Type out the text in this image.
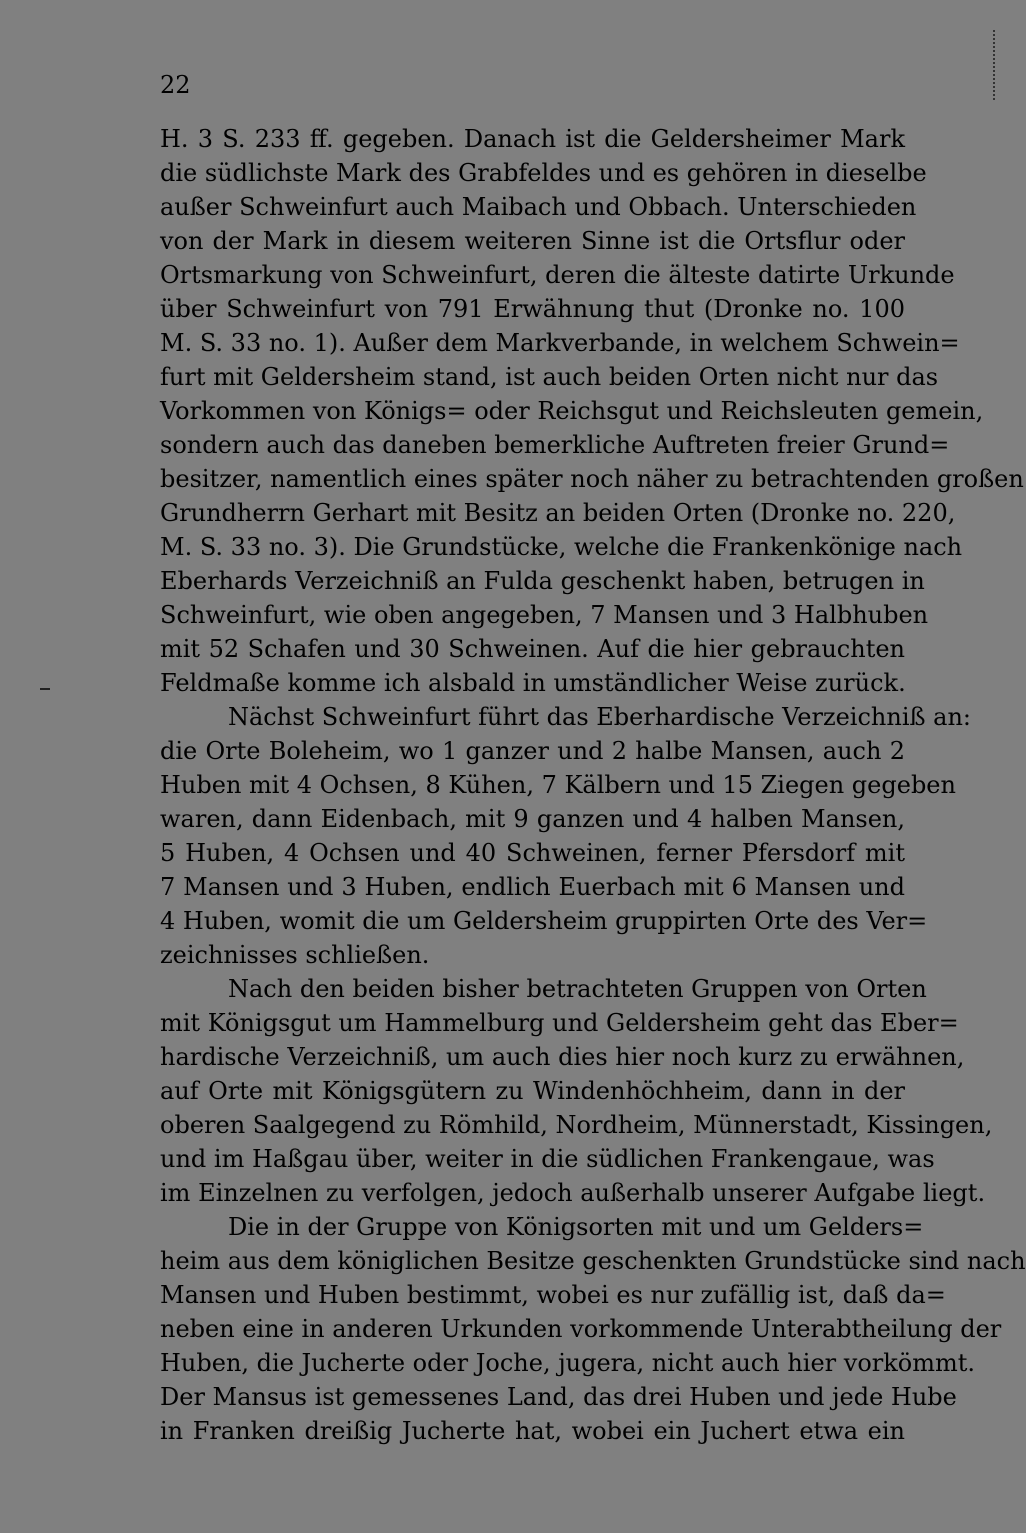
22
H. 3 S. 233 ff. gegeben. Danach ist die Geldersheimer Mark
die südlichste Mark des Grabfeldes und es gehören in dieselbe
außer Schweinfurt auch Maibach und Obbach. Unterschieden
von der Mark in diesem weiteren Sinne ist die Ortsflur oder
Ortsmarkung von Schweinfurt, deren die älteste datirte Urkunde
über Schweinfurt von 791 Erwähnung thut (Dronke no. 100
M. S. 33 no. 1). Außer dem Markverbande, in welchem Schwein=
furt mit Geldersheim stand, ist auch beiden Orten nicht nur das
Vorkommen von Königs= oder Reichsgut und Reichsleuten gemein,
sondern auch das daneben bemerkliche Auftreten freier Grund=
besitzer, namentlich eines später noch näher zu betrachtenden großen
Grundherrn Gerhart mit Besitz an beiden Orten (Dronke no. 220,
M. S. 33 no. 3). Die Grundstücke, welche die Frankenkönige nach
Eberhards Verzeichniß an Fulda geschenkt haben, betrugen in
Schweinfurt, wie oben angegeben, 7 Mansen und 3 Halbhuben
mit 52 Schafen und 30 Schweinen. Auf die hier gebrauchten
Feldmaße komme ich alsbald in umständlicher Weise zurück.
Nächst Schweinfurt führt das Eberhardische Verzeichniß an:
die Orte Boleheim, wo 1 ganzer und 2 halbe Mansen, auch 2
Huben mit 4 Ochsen, 8 Kühen, 7 Kälbern und 15 Ziegen gegeben
waren, dann Eidenbach, mit 9 ganzen und 4 halben Mansen,
5 Huben, 4 Ochsen und 40 Schweinen, ferner Pfersdorf mit
7 Mansen und 3 Huben, endlich Euerbach mit 6 Mansen und
4 Huben, womit die um Geldersheim gruppirten Orte des Ver=
zeichnisses schließen.
Nach den beiden bisher betrachteten Gruppen von Orten
mit Königsgut um Hammelburg und Geldersheim geht das Eber=
hardische Verzeichniß, um auch dies hier noch kurz zu erwähnen,
auf Orte mit Königsgütern zu Windenhöchheim, dann in der
oberen Saalgegend zu Römhild, Nordheim, Münnerstadt, Kissingen,
und im Haßgau über, weiter in die südlichen Frankengaue, was
im Einzelnen zu verfolgen, jedoch außerhalb unserer Aufgabe liegt.
Die in der Gruppe von Königsorten mit und um Gelders=
heim aus dem königlichen Besitze geschenkten Grundstücke sind nach
Mansen und Huben bestimmt, wobei es nur zufällig ist, daß da=
neben eine in anderen Urkunden vorkommende Unterabtheilung der
Huben, die Jucherte oder Joche, jugera, nicht auch hier vorkömmt.
Der Mansus ist gemessenes Land, das drei Huben und jede Hube
in Franken dreißig Jucherte hat, wobei ein Juchert etwa ein
